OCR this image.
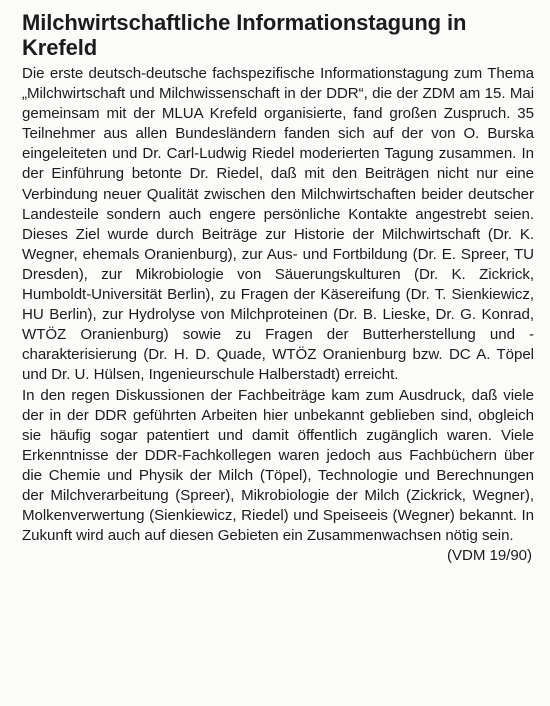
Milchwirtschaftliche Informationstagung in Krefeld

Die erste deutsch-deutsche fachspezifische Informationstagung zum Thema „Milchwirtschaft und Milchwissenschaft in der DDR“, die der ZDM am 15. Mai gemeinsam mit der MLUA Krefeld organisierte, fand großen Zuspruch. 35 Teilnehmer aus allen Bundesländern fanden sich auf der von O. Burska eingeleiteten und Dr. Carl-Ludwig Riedel moderierten Tagung zusammen. In der Einführung betonte Dr. Riedel, daß mit den Beiträgen nicht nur eine Verbindung neuer Qualität zwischen den Milchwirtschaften beider deutscher Landesteile sondern auch engere persönliche Kontakte angestrebt seien. Dieses Ziel wurde durch Beiträge zur Historie der Milchwirtschaft (Dr. K. Wegner, ehemals Oranienburg), zur Aus- und Fortbildung (Dr. E. Spreer, TU Dresden), zur Mikrobiologie von Säuerungskulturen (Dr. K. Zickrick, Humboldt-Universität Berlin), zu Fragen der Käsereifung (Dr. T. Sienkiewicz, HU Berlin), zur Hydrolyse von Milchproteinen (Dr. B. Lieske, Dr. G. Konrad, WTÖZ Oranienburg) sowie zu Fragen der Butterherstellung und -charakterisierung (Dr. H. D. Quade, WTÖZ Oranienburg bzw. DC A. Töpel und Dr. U. Hülsen, Ingenieurschule Halberstadt) erreicht.

In den regen Diskussionen der Fachbeiträge kam zum Ausdruck, daß viele der in der DDR geführten Arbeiten hier unbekannt geblieben sind, obgleich sie häufig sogar patentiert und damit öffentlich zugänglich waren. Viele Erkenntnisse der DDR-Fachkollegen waren jedoch aus Fachbüchern über die Chemie und Physik der Milch (Töpel), Technologie und Berechnungen der Milchverarbeitung (Spreer), Mikrobiologie der Milch (Zickrick, Wegner), Molkenverwertung (Sienkiewicz, Riedel) und Speiseeis (Wegner) bekannt. In Zukunft wird auch auf diesen Gebieten ein Zusammenwachsen nötig sein.
(VDM 19/90)
